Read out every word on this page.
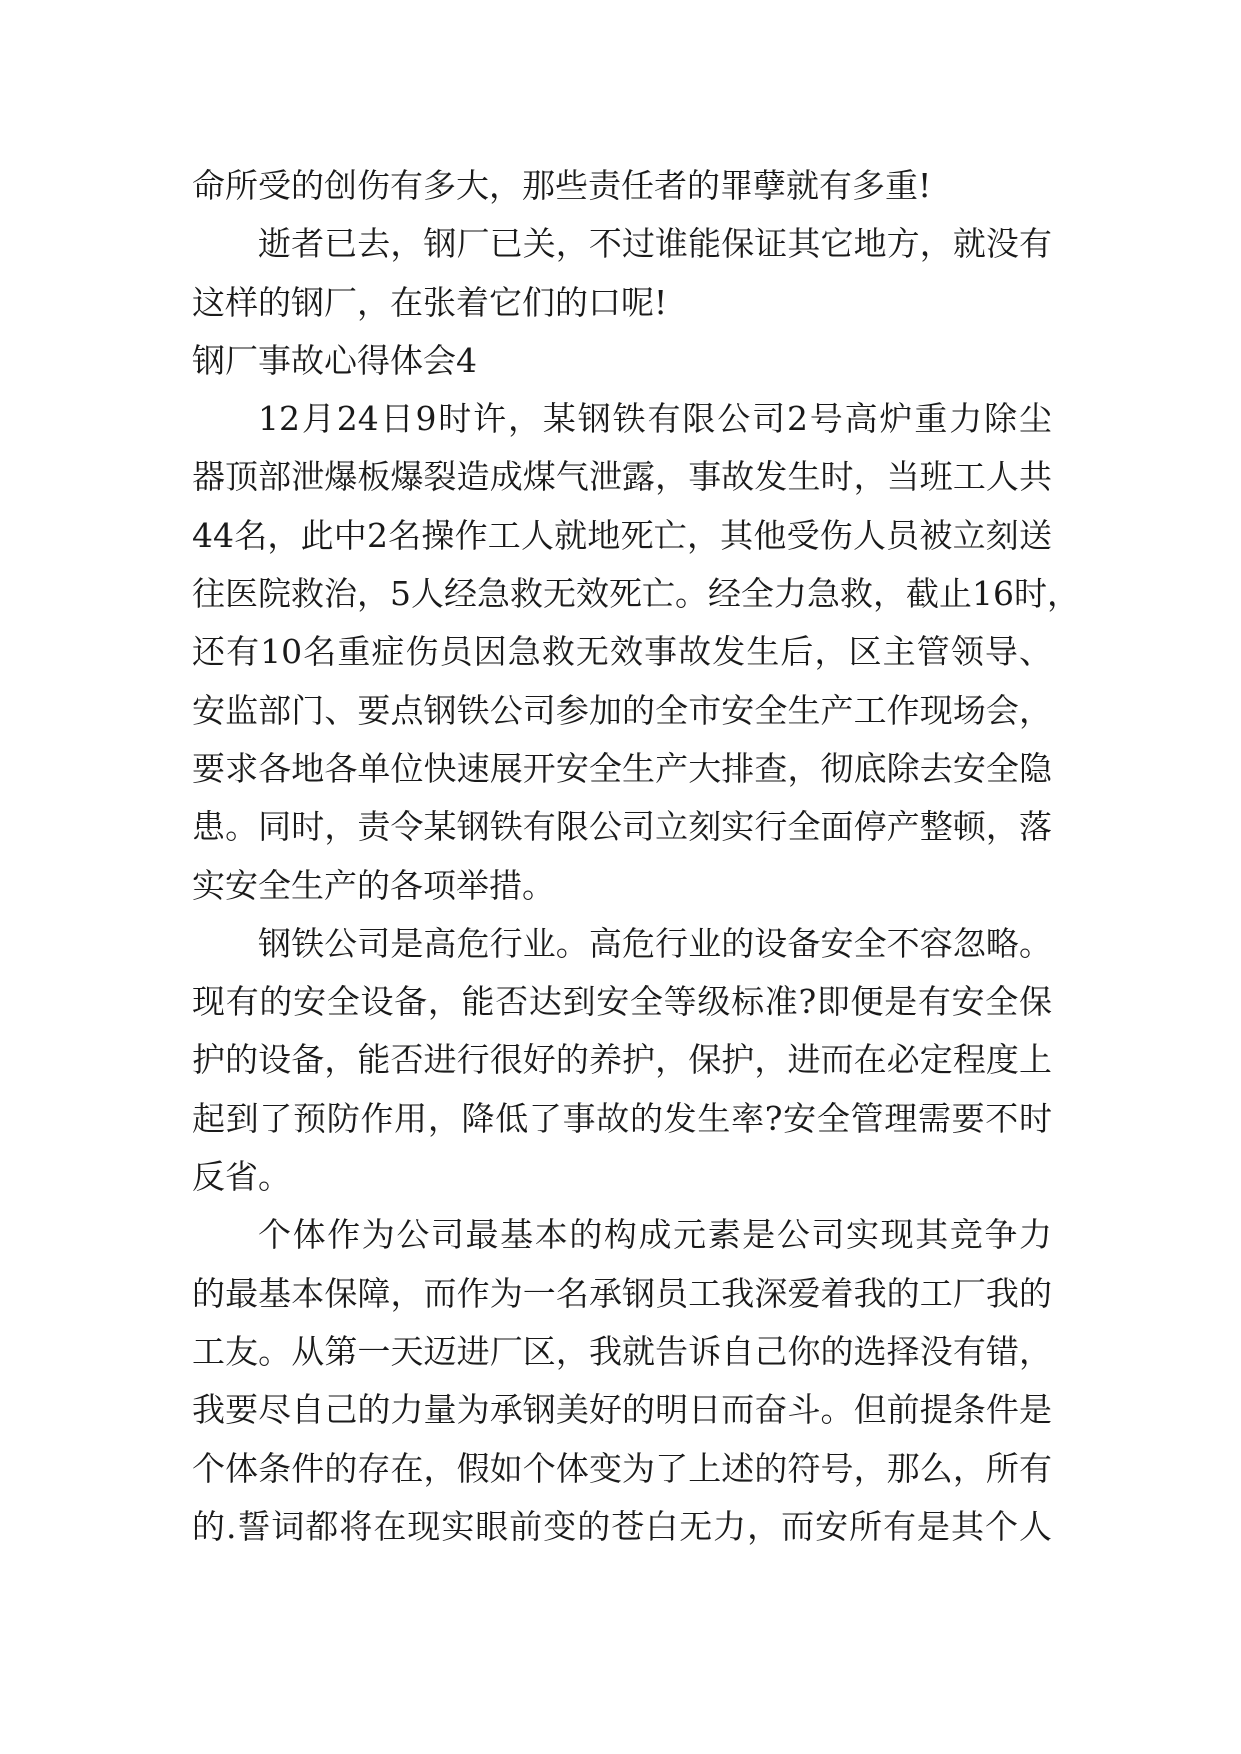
命所受的创伤有多大，那些责任者的罪孽就有多重!
逝者已去，钢厂已关，不过谁能保证其它地方，就没有
这样的钢厂，在张着它们的口呢!
钢厂事故心得体会4
12月24日9时许，某钢铁有限公司2号高炉重力除尘
器顶部泄爆板爆裂造成煤气泄露，事故发生时，当班工人共
44名，此中2名操作工人就地死亡，其他受伤人员被立刻送
往医院救治，5人经急救无效死亡。经全力急救，截止16时，
还有10名重症伤员因急救无效事故发生后，区主管领导、
安监部门、要点钢铁公司参加的全市安全生产工作现场会，
要求各地各单位快速展开安全生产大排查，彻底除去安全隐
患。同时，责令某钢铁有限公司立刻实行全面停产整顿，落
实安全生产的各项举措。
钢铁公司是高危行业。高危行业的设备安全不容忽略。
现有的安全设备，能否达到安全等级标准?即便是有安全保
护的设备，能否进行很好的养护，保护，进而在必定程度上
起到了预防作用，降低了事故的发生率?安全管理需要不时
反省。
个体作为公司最基本的构成元素是公司实现其竞争力
的最基本保障，而作为一名承钢员工我深爱着我的工厂我的
工友。从第一天迈进厂区，我就告诉自己你的选择没有错，
我要尽自己的力量为承钢美好的明日而奋斗。但前提条件是
个体条件的存在，假如个体变为了上述的符号，那么，所有
的.誓词都将在现实眼前变的苍白无力，而安所有是其个人
